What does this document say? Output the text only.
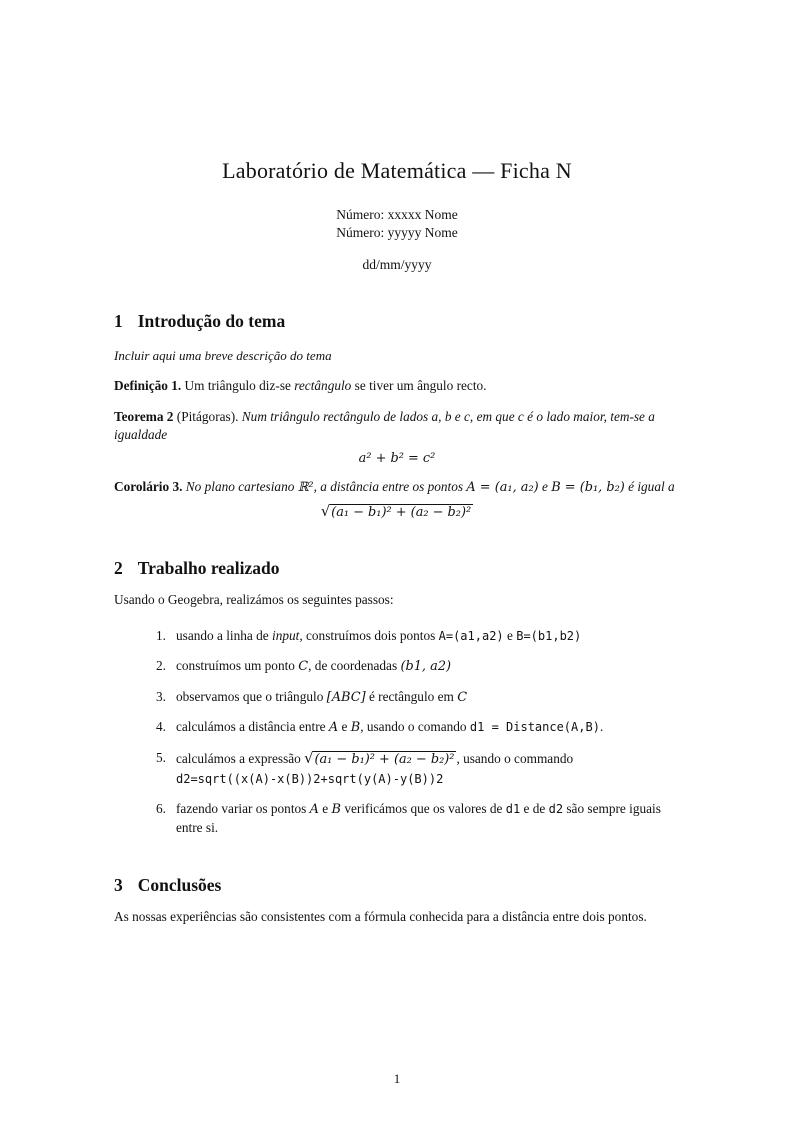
Laboratório de Matemática — Ficha N
Número: xxxxx Nome
Número: yyyyy Nome
dd/mm/yyyy
1 Introdução do tema

Incluir aqui uma breve descrição do tema

Definição 1. Um triângulo diz-se rectângulo se tiver um ângulo recto.

Teorema 2 (Pitágoras). Num triângulo rectângulo de lados a, b e c, em que c é o lado maior, tem-se a igualdade

a² + b² = c²

Corolário 3. No plano cartesiano ℝ², a distância entre os pontos A = (a₁, a₂) e B = (b₁, b₂) é igual a

√(a₁ − b₁)² + (a₂ − b₂)²
2 Trabalho realizado

Usando o Geogebra, realizámos os seguintes passos:

1. usando a linha de input, construímos dois pontos A=(a1,a2) e B=(b1,b2)
2. construímos um ponto C, de coordenadas (b1, a2)
3. observamos que o triângulo [ABC] é rectângulo em C
4. calculámos a distância entre A e B, usando o comando d1 = Distance(A,B).
5. calculámos a expressão √(a₁ − b₁)² + (a₂ − b₂)² , usando o commando
d2=sqrt((x(A)-x(B))2+sqrt(y(A)-y(B))2
6. fazendo variar os pontos A e B verificámos que os valores de d1 e de d2 são sempre iguais entre si.
3 Conclusões

As nossas experiências são consistentes com a fórmula conhecida para a distância entre dois pontos.

1
